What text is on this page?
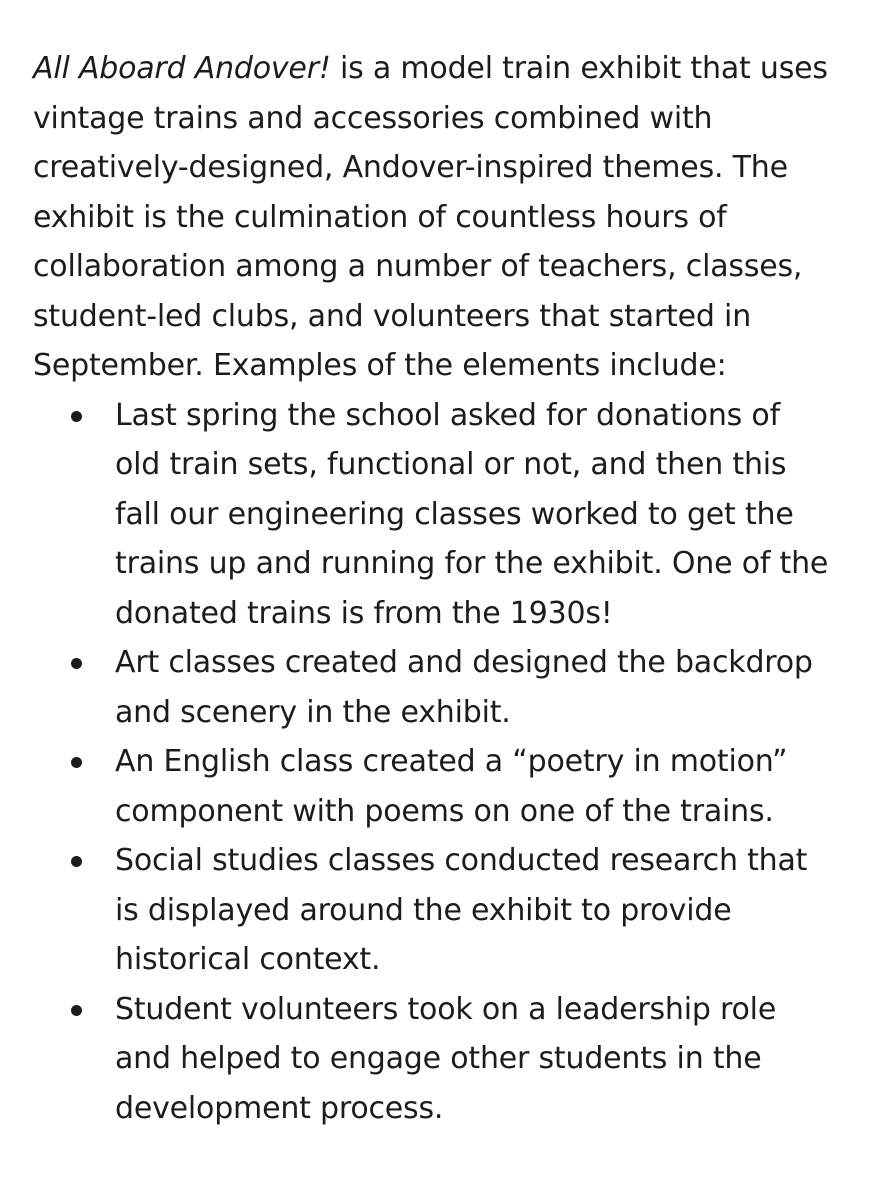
All Aboard Andover! is a model train exhibit that uses vintage trains and accessories combined with creatively-designed, Andover-inspired themes. The exhibit is the culmination of countless hours of collaboration among a number of teachers, classes, student-led clubs, and volunteers that started in September. Examples of the elements include:

Last spring the school asked for donations of old train sets, functional or not, and then this fall our engineering classes worked to get the trains up and running for the exhibit. One of the donated trains is from the 1930s!
Art classes created and designed the backdrop and scenery in the exhibit.
An English class created a “poetry in motion” component with poems on one of the trains.
Social studies classes conducted research that is displayed around the exhibit to provide historical context.
Student volunteers took on a leadership role and helped to engage other students in the development process.
